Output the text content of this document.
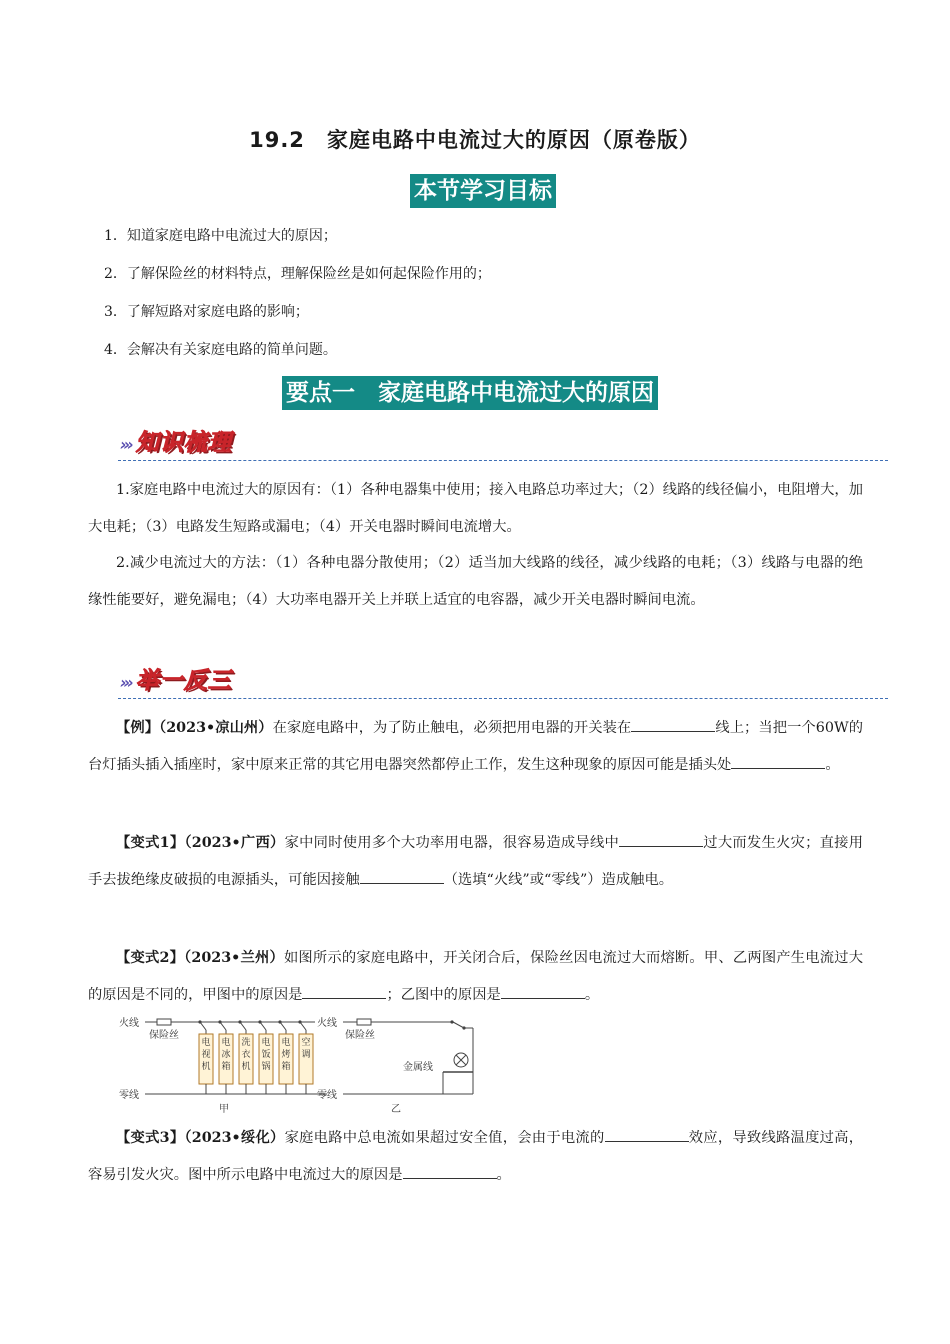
19.2　家庭电路中电流过大的原因（原卷版）
本节学习目标
1．知道家庭电路中电流过大的原因；
2．了解保险丝的材料特点，理解保险丝是如何起保险作用的；
3．了解短路对家庭电路的影响；
4．会解决有关家庭电路的简单问题。
要点一　家庭电路中电流过大的原因
››› 知识梳理

1.家庭电路中电流过大的原因有：（1）各种电器集中使用；接入电路总功率过大；（2）线路的线径偏小，电阻增大，加大电耗；（3）电路发生短路或漏电；（4）开关电器时瞬间电流增大。

2.减少电流过大的方法：（1）各种电器分散使用；（2）适当加大线路的线径，减少线路的电耗；（3）线路与电器的绝缘性能要好，避免漏电；（4）大功率电器开关上并联上适宜的电容器，减少开关电器时瞬间电流。

››› 举一反三

【例】（2023•凉山州）在家庭电路中，为了防止触电，必须把用电器的开关装在	线上；当把一个60W的台灯插头插入插座时，家中原来正常的其它用电器突然都停止工作，发生这种现象的原因可能是插头处	。

【变式1】（2023•广西）家中同时使用多个大功率用电器，很容易造成导线中	过大而发生火灾；直接用手去拔绝缘皮破损的电源插头，可能因接触	（选填“火线”或“零线”）造成触电。

【变式2】（2023•兰州）如图所示的家庭电路中，开关闭合后，保险丝因电流过大而熔断。甲、乙两图产生电流过大的原因是不同的，甲图中的原因是	；乙图中的原因是	。

火线
保险丝
零线
电视机
电冰箱
洗衣机
电饭锅
电烤箱
空调
甲
火线
保险丝
零线
金属线
乙

【变式3】（2023•绥化）家庭电路中总电流如果超过安全值，会由于电流的	效应，导致线路温度过高，容易引发火灾。图中所示电路中电流过大的原因是	。
